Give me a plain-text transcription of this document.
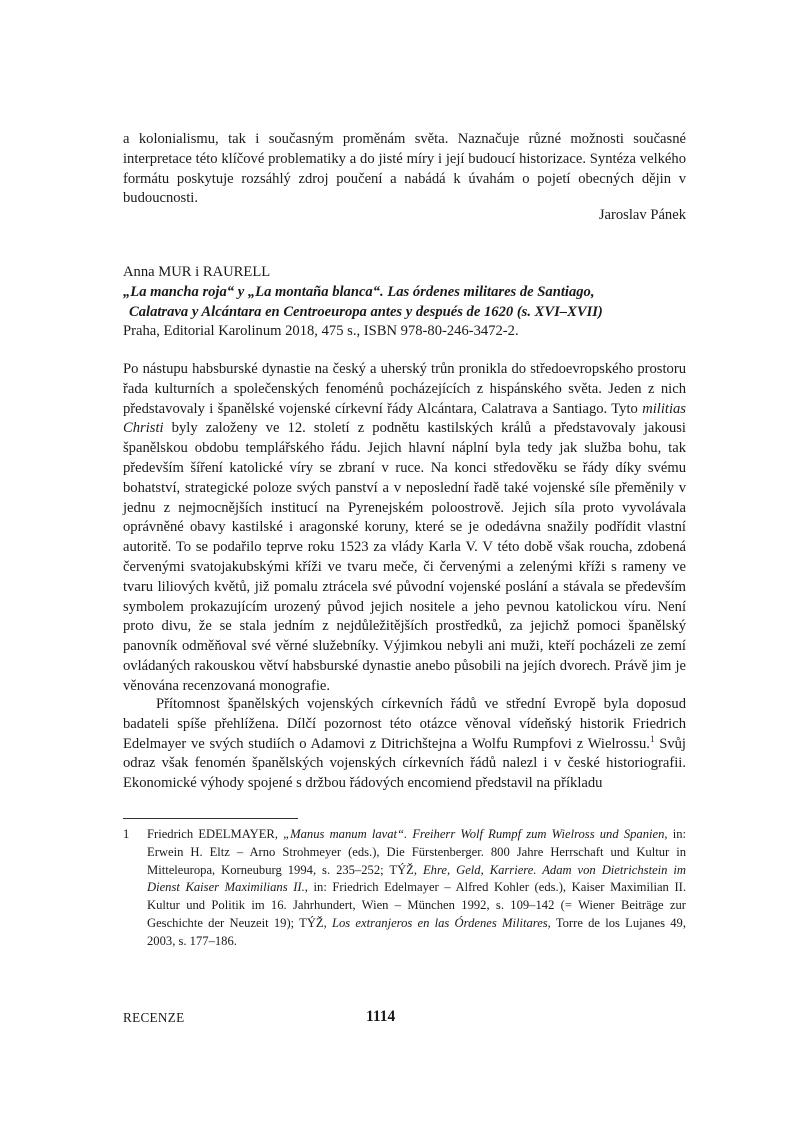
a kolonialismu, tak i současným proměnám světa. Naznačuje různé možnosti současné interpretace této klíčové problematiky a do jisté míry i její budoucí historizace. Syntéza velkého formátu poskytuje rozsáhlý zdroj poučení a nabádá k úvahám o pojetí obecných dějin v budoucnosti.

Jaroslav Pánek
Anna MUR i RAURELL
„La mancha roja“ y „La montaña blanca“. Las órdenes militares de Santiago,
Calatrava y Alcántara en Centroeuropa antes y después de 1620 (s. XVI–XVII)
Praha, Editorial Karolinum 2018, 475 s., ISBN 978-80-246-3472-2.

Po nástupu habsburské dynastie na český a uherský trůn pronikla do středoevropského prostoru řada kulturních a společenských fenoménů pocházejících z hispánského světa. Jeden z nich představovaly i španělské vojenské církevní řády Alcántara, Calatrava a Santiago. Tyto militias Christi byly založeny ve 12. století z podnětu kastilských králů a představovaly jakousi španělskou obdobu templářského řádu. Jejich hlavní náplní byla tedy jak služba bohu, tak především šíření katolické víry se zbraní v ruce. Na konci středověku se řády díky svému bohatství, strategické poloze svých panství a v neposlední řadě také vojenské síle přeměnily v jednu z nejmocnějších institucí na Pyrenejském poloostrově. Jejich síla proto vyvolávala oprávněné obavy kastilské i aragonské koruny, které se je odedávna snažily podřídit vlastní autoritě. To se podařilo teprve roku 1523 za vlády Karla V. V této době však roucha, zdobená červenými svatojakubskými kříži ve tvaru meče, či červenými a zelenými kříži s rameny ve tvaru liliových květů, již pomalu ztrácela své původní vojenské poslání a stávala se především symbolem prokazujícím urozený původ jejich nositele a jeho pevnou katolickou víru. Není proto divu, že se stala jedním z nejdůležitějších prostředků, za jejichž pomoci španělský panovník odměňoval své věrné služebníky. Výjimkou nebyli ani muži, kteří pocházeli ze zemí ovládaných rakouskou větví habsburské dynastie anebo působili na jejích dvorech. Právě jim je věnována recenzovaná monografie.

Přítomnost španělských vojenských církevních řádů ve střední Evropě byla doposud badateli spíše přehlížena. Dílčí pozornost této otázce věnoval vídeňský historik Friedrich Edelmayer ve svých studiích o Adamovi z Ditrichštejna a Wolfu Rumpfovi z Wielrossu.$^1$ Svůj odraz však fenomén španělských vojenských církevních řádů nalezl i v české historiografii. Ekonomické výhody spojené s držbou řádových encomiend představil na příkladu

1 Friedrich EDELMAYER, „Manus manum lavat“. Freiherr Wolf Rumpf zum Wielross und Spanien, in: Erwein H. Eltz – Arno Strohmeyer (eds.), Die Fürstenberger. 800 Jahre Herrschaft und Kultur in Mitteleuropa, Korneuburg 1994, s. 235–252; TÝŽ, Ehre, Geld, Karriere. Adam von Dietrichstein im Dienst Kaiser Maximilians II., in: Friedrich Edelmayer – Alfred Kohler (eds.), Kaiser Maximilian II. Kultur und Politik im 16. Jahrhundert, Wien – München 1992, s. 109–142 (= Wiener Beiträge zur Geschichte der Neuzeit 19); TÝŽ, Los extranjeros en las Órdenes Militares, Torre de los Lujanes 49, 2003, s. 177–186.
RECENZE	1114
